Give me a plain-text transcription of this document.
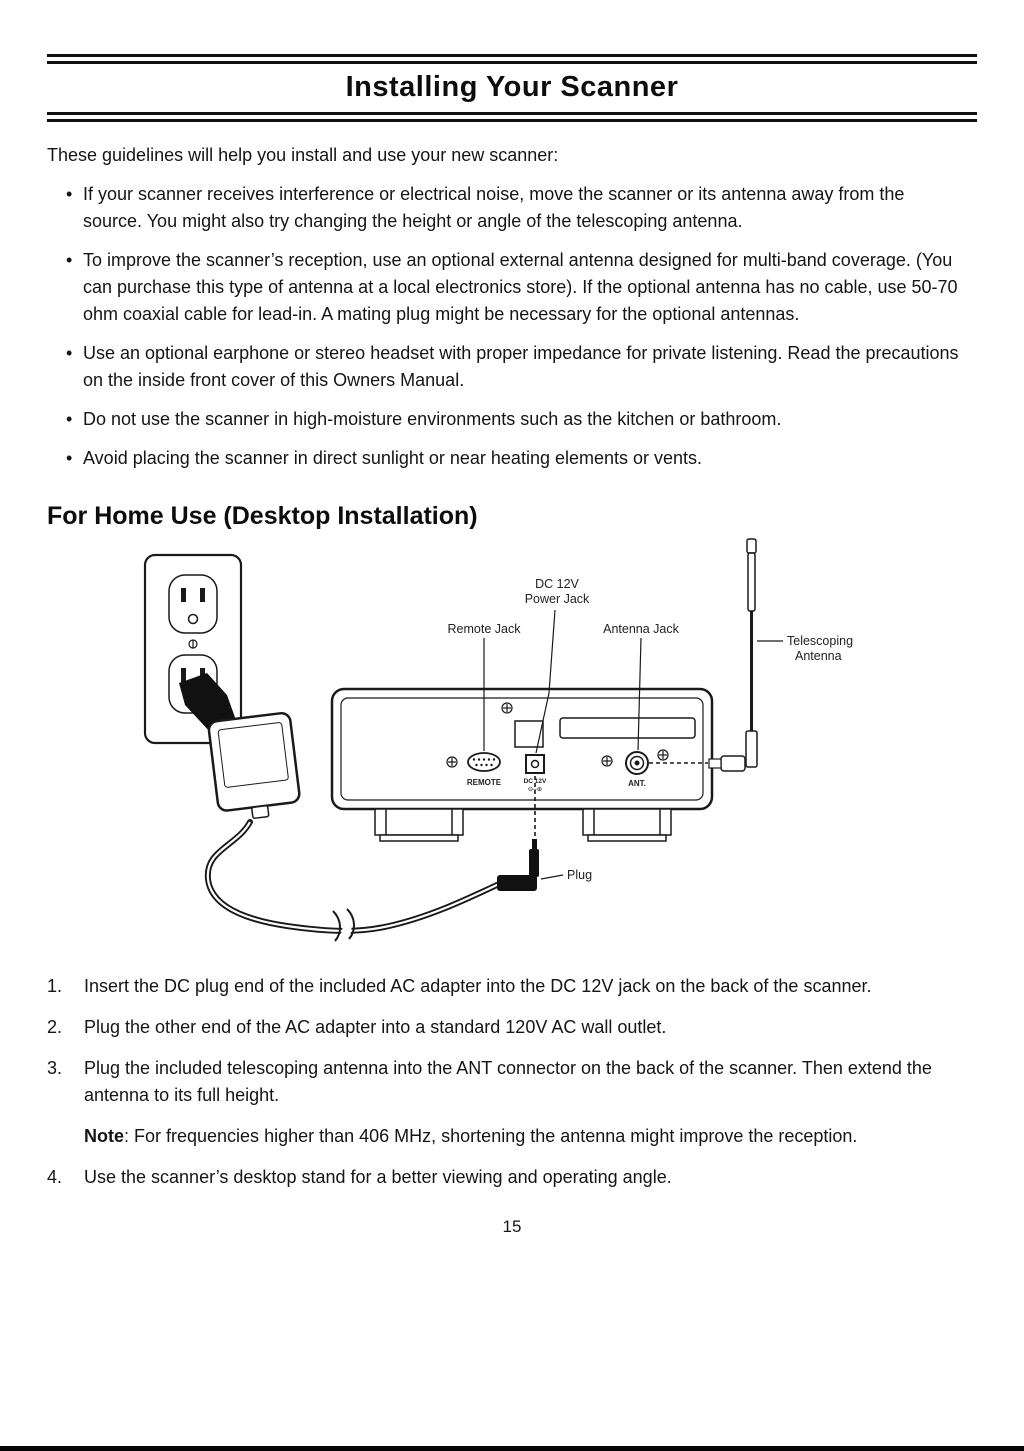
Installing Your Scanner

These guidelines will help you install and use your new scanner:

• If your scanner receives interference or electrical noise, move the scanner or its antenna away from the source. You might also try changing the height or angle of the telescoping antenna.
• To improve the scanner’s reception, use an optional external antenna designed for multi-band coverage. (You can purchase this type of antenna at a local electronics store). If the optional antenna has no cable, use 50-70 ohm coaxial cable for lead-in. A mating plug might be necessary for the optional antennas.
• Use an optional earphone or stereo headset with proper impedance for private listening. Read the precautions on the inside front cover of this Owners Manual.
• Do not use the scanner in high-moisture environments such as the kitchen or bathroom.
• Avoid placing the scanner in direct sunlight or near heating elements or vents.
For Home Use (Desktop Installation)
REMOTE	DC 12V
⊖–⊕
ANT.
DC 12V
Power Jack
Remote Jack	Antenna Jack
Telescoping
Antenna
Plug
1.	Insert the DC plug end of the included AC adapter into the DC 12V jack on the back of the scanner.

2.	Plug the other end of the AC adapter into a standard 120V AC wall outlet.

3.	Plug the included telescoping antenna into the ANT connector on the back of the scanner. Then extend the antenna to its full height.

Note: For frequencies higher than 406 MHz, shortening the antenna might improve the reception.

4.	Use the scanner’s desktop stand for a better viewing and operating angle.

15
